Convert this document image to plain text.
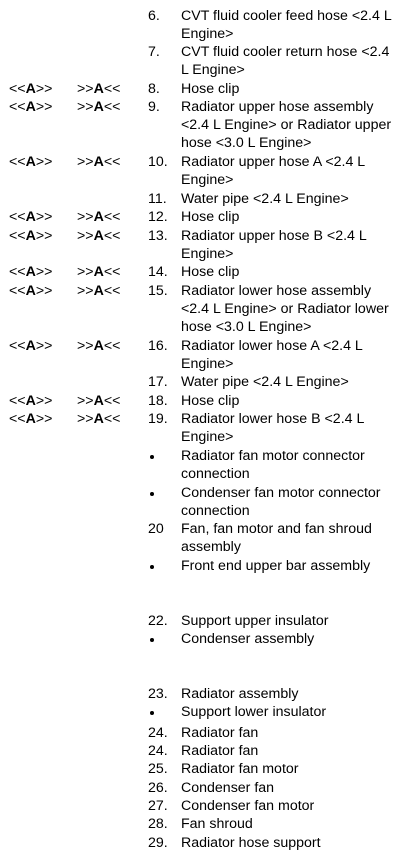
6. CVT fluid cooler feed hose <2.4 L
Engine>
7. CVT fluid cooler return hose <2.4
L Engine>
<<A>> >>A<< 8. Hose clip
<<A>> >>A<< 9. Radiator upper hose assembly
<2.4 L Engine> or Radiator upper
hose <3.0 L Engine>
<<A>> >>A<< 10. Radiator upper hose A <2.4 L
Engine>
11. Water pipe <2.4 L Engine>
<<A>> >>A<< 12. Hose clip
<<A>> >>A<< 13. Radiator upper hose B <2.4 L
Engine>
<<A>> >>A<< 14. Hose clip
<<A>> >>A<< 15. Radiator lower hose assembly
<2.4 L Engine> or Radiator lower
hose <3.0 L Engine>
<<A>> >>A<< 16. Radiator lower hose A <2.4 L
Engine>
17. Water pipe <2.4 L Engine>
<<A>> >>A<< 18. Hose clip
<<A>> >>A<< 19. Radiator lower hose B <2.4 L
Engine>
Radiator fan motor connector
connection
Condenser fan motor connector
connection
20 Fan, fan motor and fan shroud
assembly
Front end upper bar assembly
22. Support upper insulator
Condenser assembly
23. Radiator assembly
Support lower insulator
24. Radiator fan
24. Radiator fan
25. Radiator fan motor
26. Condenser fan
27. Condenser fan motor
28. Fan shroud
29. Radiator hose support
